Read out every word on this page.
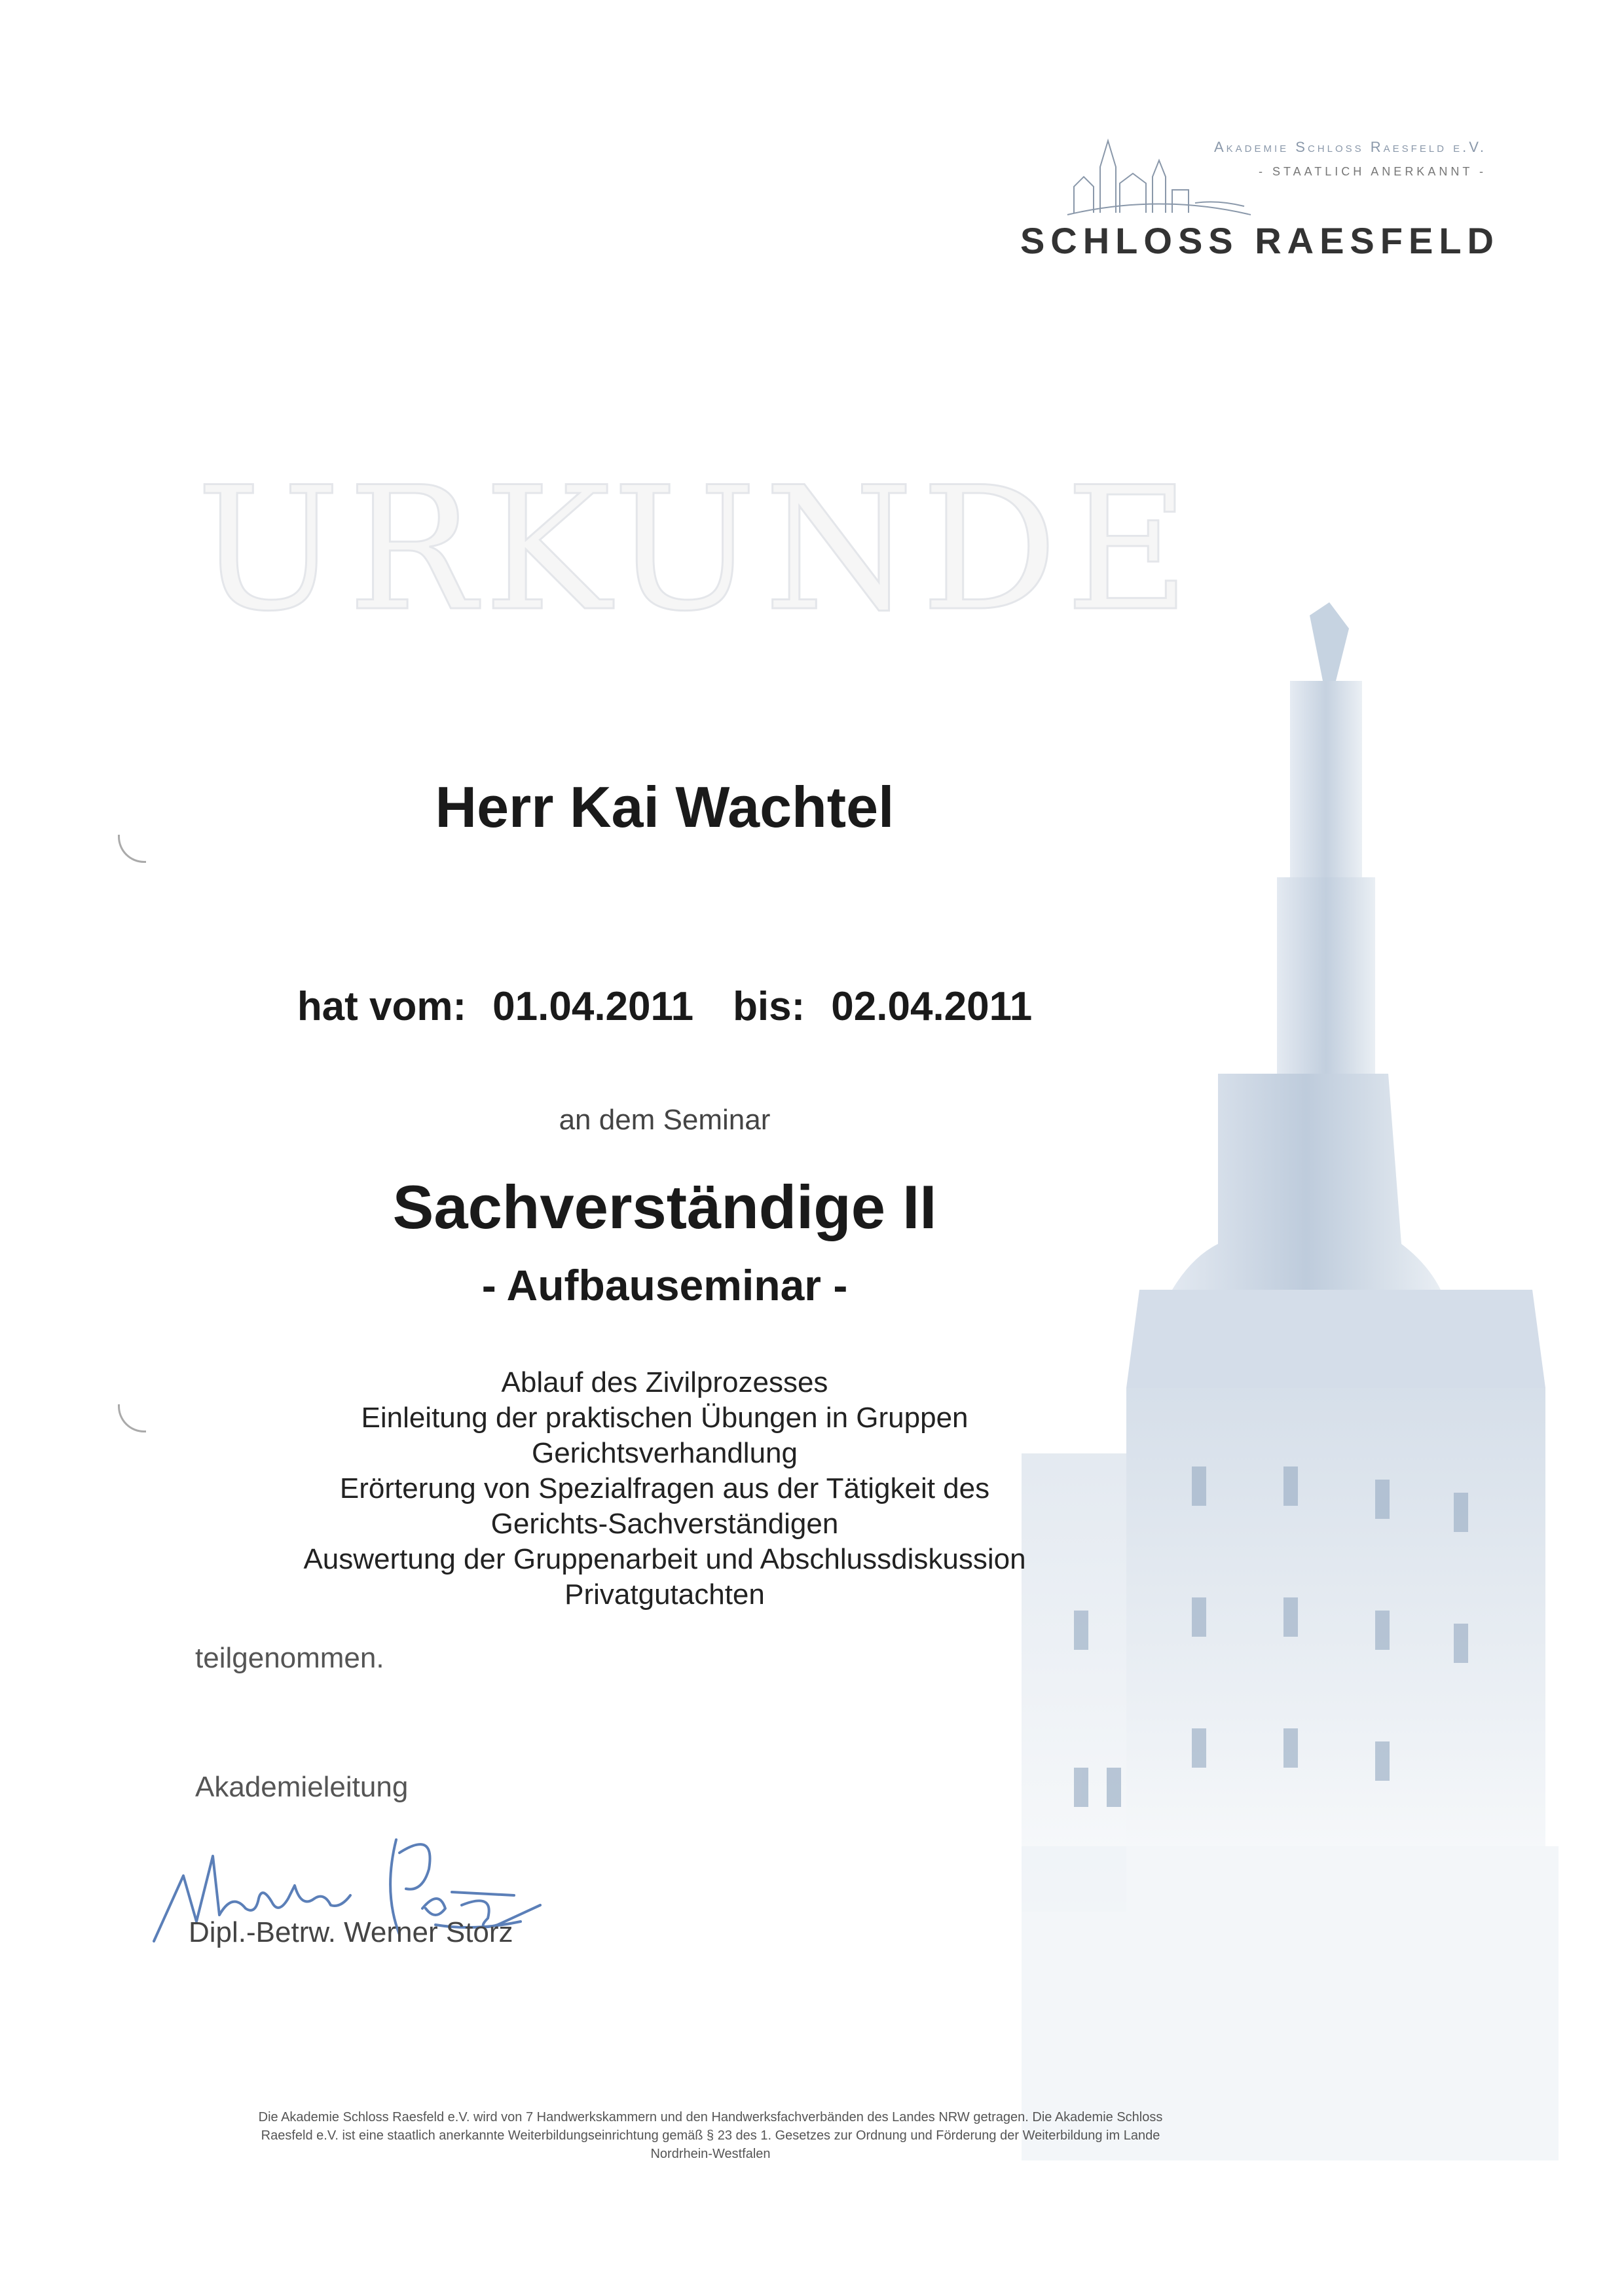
Akademie Schloss Raesfeld e.V.
- STAATLICH ANERKANNT -
SCHLOSS RAESFELD
URKUNDE
Herr Kai Wachtel
hat vom: 01.04.2011 bis: 02.04.2011
an dem Seminar
Sachverständige II
- Aufbauseminar -
Ablauf des Zivilprozesses
Einleitung der praktischen Übungen in Gruppen
Gerichtsverhandlung
Erörterung von Spezialfragen aus der Tätigkeit des
Gerichts-Sachverständigen
Auswertung der Gruppenarbeit und Abschlussdiskussion
Privatgutachten
teilgenommen.
Akademieleitung
Dipl.-Betrw. Werner Storz
Die Akademie Schloss Raesfeld e.V. wird von 7 Handwerkskammern und den Handwerksfachverbänden des Landes NRW getragen. Die Akademie Schloss
Raesfeld e.V. ist eine staatlich anerkannte Weiterbildungseinrichtung gemäß § 23 des 1. Gesetzes zur Ordnung und Förderung der Weiterbildung im Lande
Nordrhein-Westfalen
